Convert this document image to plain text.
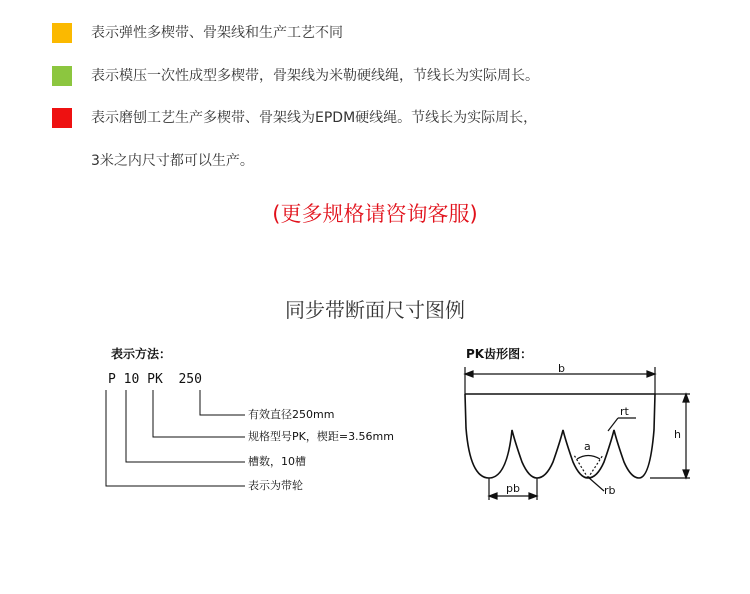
表示弹性多楔带、骨架线和生产工艺不同
表示模压一次性成型多楔带，骨架线为米勒硬线绳，节线长为实际周长。
表示磨刨工艺生产多楔带、骨架线为EPDM硬线绳。节线长为实际周长，
3米之内尺寸都可以生产。
(更多规格请咨询客服)
同步带断面尺寸图例
表示方法：
P 10 PK  250
有效直径250mm
规格型号PK，楔距=3.56mm
槽数，10槽
表示为带轮
PK齿形图：
b
h
rt
a
pb	rb
